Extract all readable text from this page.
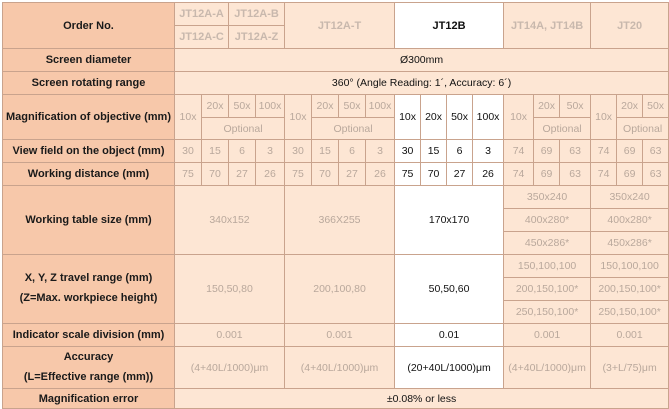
Order No.	JT12A-A		JT12A-B		JT12A-T				JT12B				JT14A, JT14B			JT20		
	JT12A-C		JT12A-Z															
Screen diameter	Ø300mm																	
Screen rotating range	360° (Angle Reading: 1´, Accuracy: 6´)																	
Magnification of objective (mm)	10x	20x	50x	100x	10x	20x	50x	100x	10x	20x	50x	100x	10x	20x	50x	10x	20x	50x
		Optional				Optional								Optional			Optional	
View field on the object (mm)	30	15	6	3	30	15	6	3	30	15	6	3	74	69	63	74	69	63
Working distance (mm)	75	70	27	26	75	70	27	26	75	70	27	26	74	69	63	74	69	63
Working table size (mm)	340x152				366X255				170x170				350x240			350x240		
													400x280*			400x280*		
													450x286*			450x286*		

X, Y, Z travel range (mm)
(Z=Max. workpiece height)	150,50,80				200,100,80				50,50,60				150,100,100			150,100,100		
													200,150,100*			200,150,100*		
													250,150,100*			250,150,100*		
Indicator scale division (mm)	0.001				0.001				0.01				0.001			0.001		

Accuracy
(L=Effective range (mm))	(4+40L/1000)μm				(4+40L/1000)μm				(20+40L/1000)μm				(4+40L/1000)μm			(3+L/75)μm		
Magnification error	±0.08% or less																	
